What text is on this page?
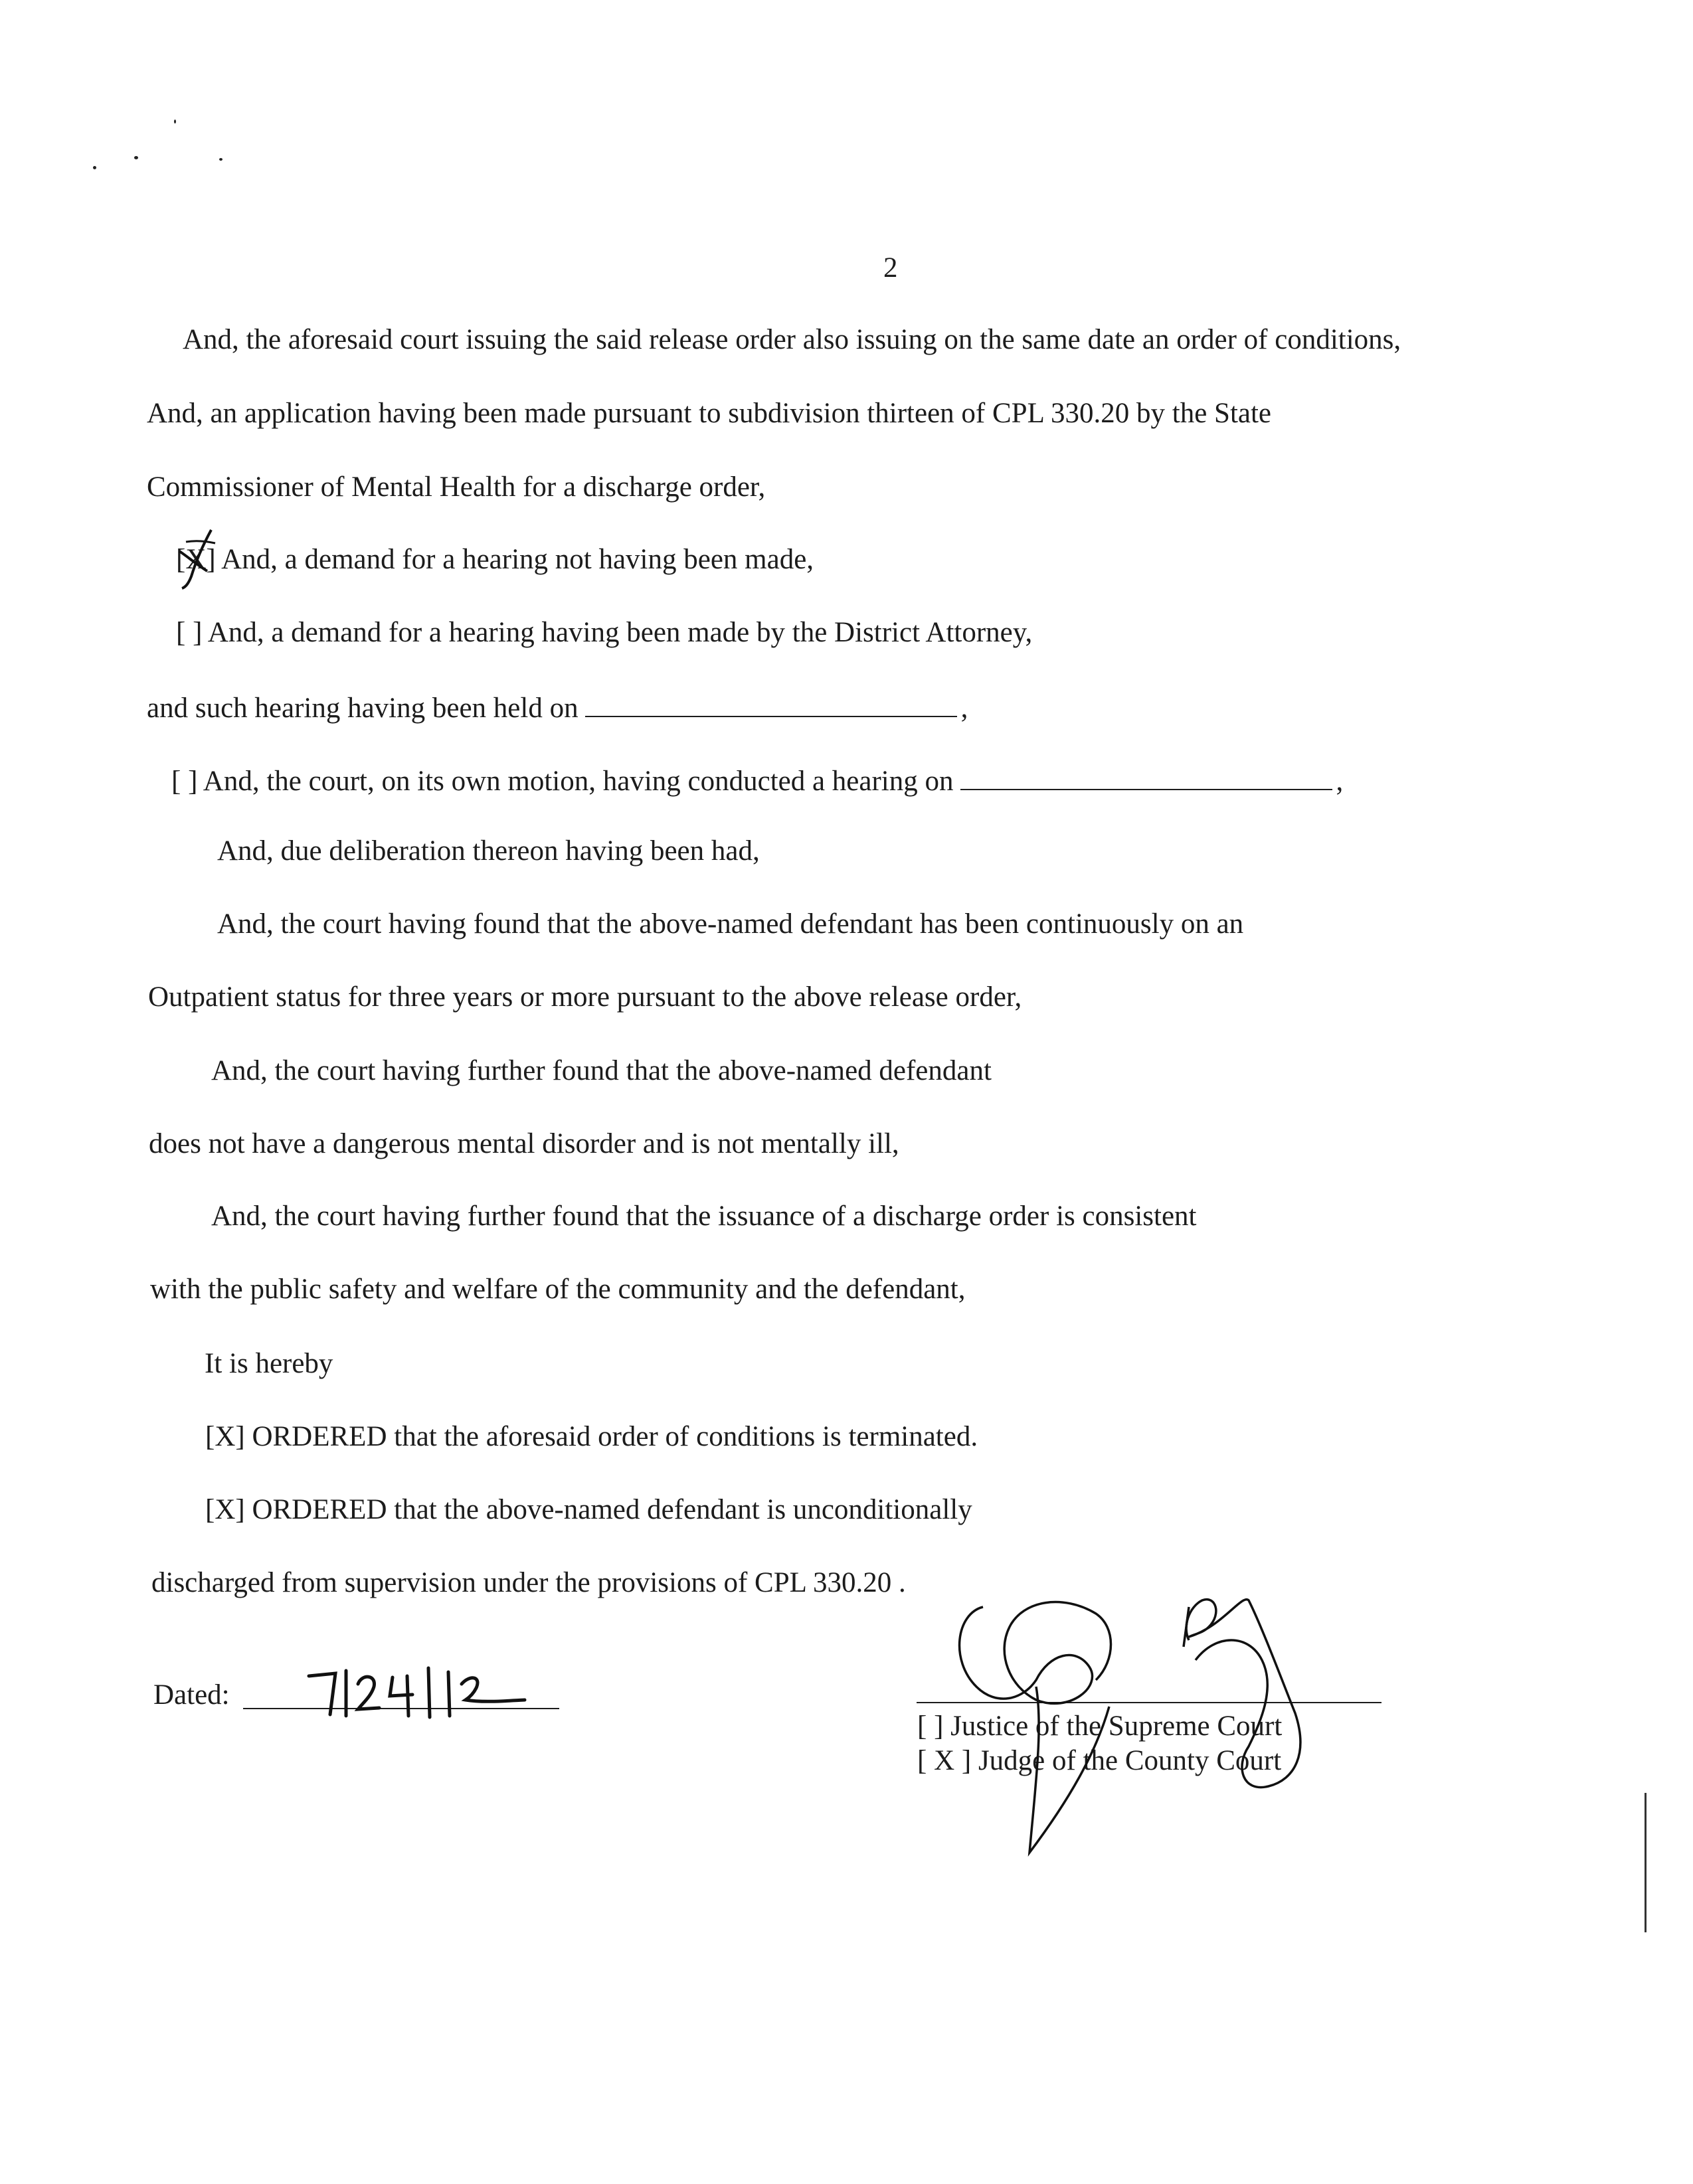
2
And, the aforesaid court issuing the said release order also issuing on the same date an order of conditions,
And, an application having been made pursuant to subdivision thirteen of CPL 330.20 by the State
Commissioner of Mental Health for a discharge order,
[X] And, a demand for a hearing not having been made,
[ ] And, a demand for a hearing having been made by the District Attorney,
and such hearing having been held on	,
[ ] And, the court, on its own motion, having conducted a hearing on	,
And, due deliberation thereon having been had,
And, the court having found that the above-named defendant has been continuously on an
Outpatient status for three years or more pursuant to the above release order,
And, the court having further found that the above-named defendant
does not have a dangerous mental disorder and is not mentally ill,
And, the court having further found that the issuance of a discharge order is consistent
with the public safety and welfare of the community and the defendant,
It is hereby
[X] ORDERED that the aforesaid order of conditions is terminated.
[X] ORDERED that the above-named defendant is unconditionally
discharged from supervision under the provisions of CPL 330.20 .
Dated:
[ ] Justice of the Supreme Court
[ X ] Judge of the County Court
